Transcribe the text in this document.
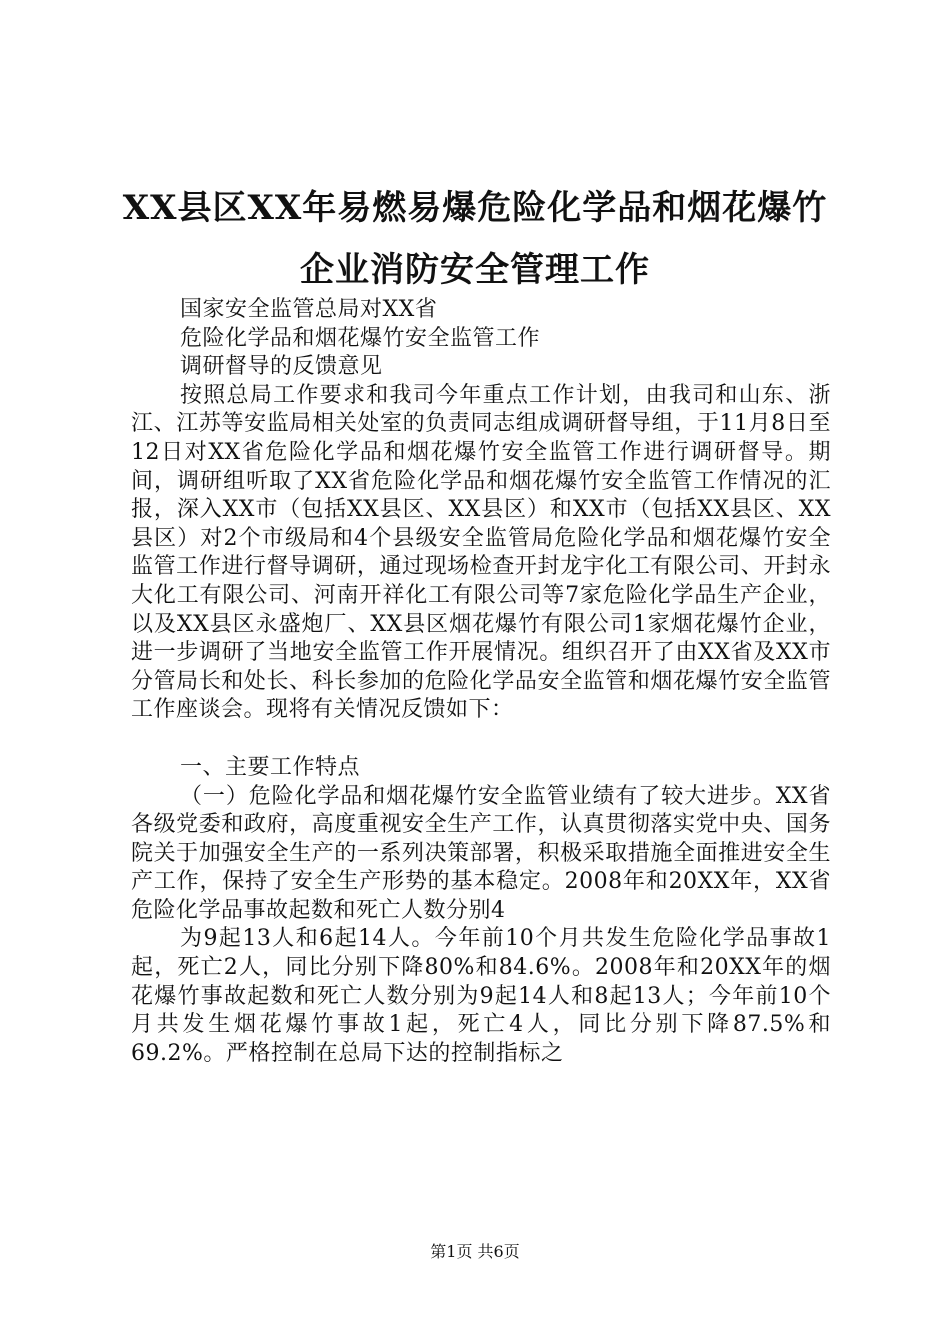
XX县区XX年易燃易爆危险化学品和烟花爆竹
企业消防安全管理工作

国家安全监管总局对XX省

危险化学品和烟花爆竹安全监管工作

调研督导的反馈意见

按照总局工作要求和我司今年重点工作计划，由我司和山东、浙江、江苏等安监局相关处室的负责同志组成调研督导组，于11月8日至12日对XX省危险化学品和烟花爆竹安全监管工作进行调研督导。期间，调研组听取了XX省危险化学品和烟花爆竹安全监管工作情况的汇报，深入XX市（包括XX县区、XX县区）和XX市（包括XX县区、XX县区）对2个市级局和4个县级安全监管局危险化学品和烟花爆竹安全监管工作进行督导调研，通过现场检查开封龙宇化工有限公司、开封永大化工有限公司、河南开祥化工有限公司等7家危险化学品生产企业，以及XX县区永盛炮厂、XX县区烟花爆竹有限公司1家烟花爆竹企业，进一步调研了当地安全监管工作开展情况。组织召开了由XX省及XX市分管局长和处长、科长参加的危险化学品安全监管和烟花爆竹安全监管工作座谈会。现将有关情况反馈如下：

一、主要工作特点

（一）危险化学品和烟花爆竹安全监管业绩有了较大进步。XX省各级党委和政府，高度重视安全生产工作，认真贯彻落实党中央、国务院关于加强安全生产的一系列决策部署，积极采取措施全面推进安全生产工作，保持了安全生产形势的基本稳定。2008年和20XX年，XX省危险化学品事故起数和死亡人数分别4

为9起13人和6起14人。今年前10个月共发生危险化学品事故1起，死亡2人，同比分别下降80%和84.6%。2008年和20XX年的烟花爆竹事故起数和死亡人数分别为9起14人和8起13人；今年前10个月共发生烟花爆竹事故1起，死亡4人，同比分别下降87.5%和69.2%。严格控制在总局下达的控制指标之

第1页 共6页
